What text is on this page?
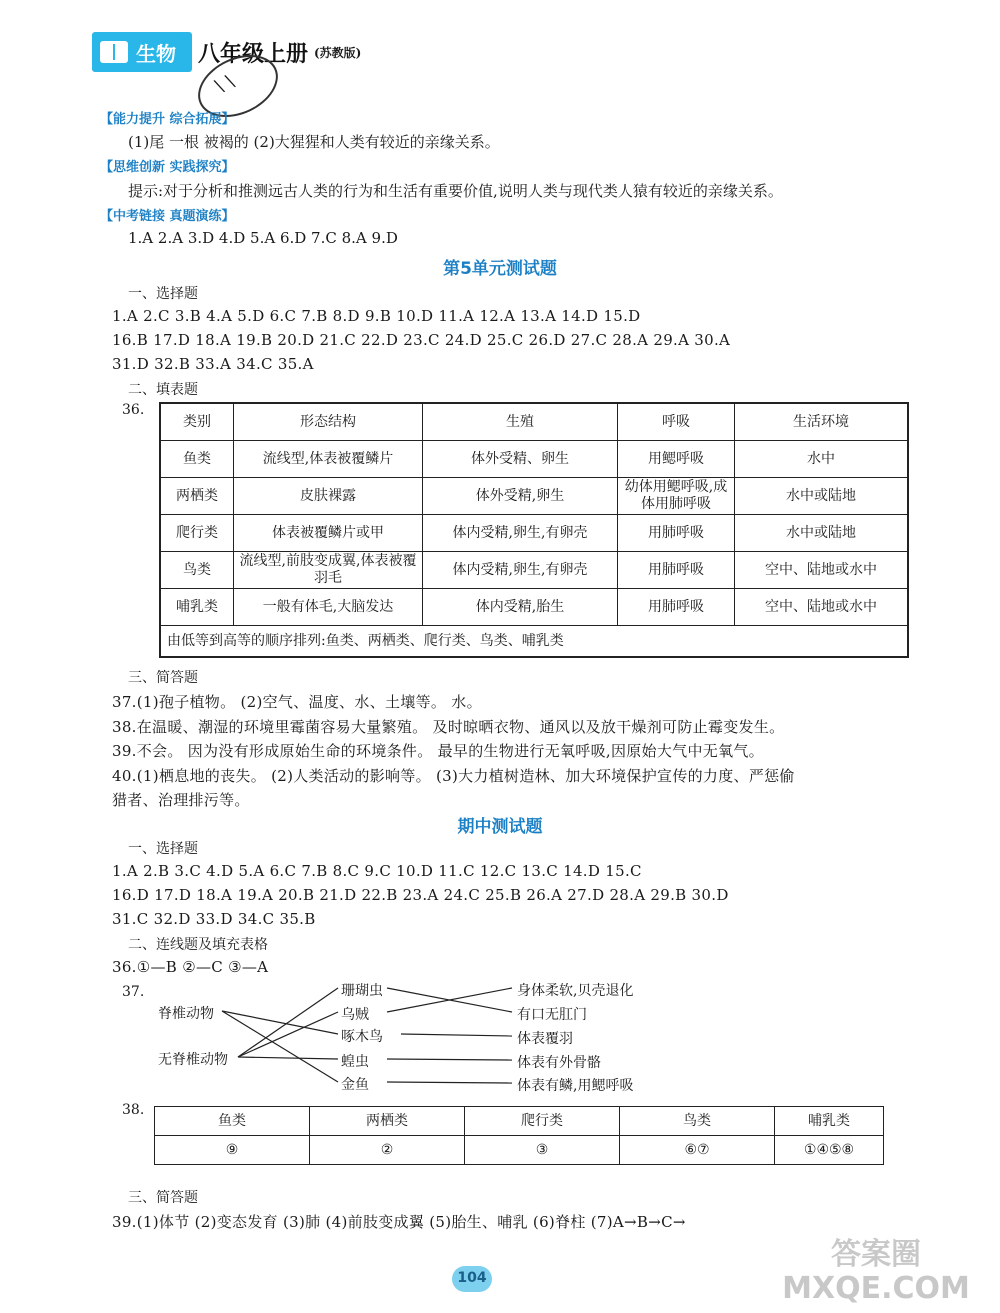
生物 八年级上册 (苏教版)
\ \
【能力提升 综合拓展】
(1)尾 一根 被褐的 (2)大猩猩和人类有较近的亲缘关系。
【思维创新 实践探究】
提示:对于分析和推测远古人类的行为和生活有重要价值,说明人类与现代类人猿有较近的亲缘关系。
【中考链接 真题演练】
1.A 2.A 3.D 4.D 5.A 6.D 7.C 8.A 9.D
第5单元测试题
一、选择题
1.A 2.C 3.B 4.A 5.D 6.C 7.B 8.D 9.B 10.D 11.A 12.A 13.A 14.D 15.D
16.B 17.D 18.A 19.B 20.D 21.C 22.D 23.C 24.D 25.C 26.D 27.C 28.A 29.A 30.A
31.D 32.B 33.A 34.C 35.A
二、填表题
36.
类别	形态结构	生殖	呼吸	生活环境
鱼类	流线型,体表被覆鳞片	体外受精、卵生	用鳃呼吸	水中
两栖类	皮肤裸露	体外受精,卵生	幼体用鳃呼吸,成体用肺呼吸	水中或陆地
爬行类	体表被覆鳞片或甲	体内受精,卵生,有卵壳	用肺呼吸	水中或陆地
鸟类	流线型,前肢变成翼,体表被覆羽毛	体内受精,卵生,有卵壳	用肺呼吸	空中、陆地或水中
哺乳类	一般有体毛,大脑发达	体内受精,胎生	用肺呼吸	空中、陆地或水中
由低等到高等的顺序排列:鱼类、两栖类、爬行类、鸟类、哺乳类				
三、简答题
37.(1)孢子植物。 (2)空气、温度、水、土壤等。 水。
38.在温暖、潮湿的环境里霉菌容易大量繁殖。 及时晾晒衣物、通风以及放干燥剂可防止霉变发生。
39.不会。 因为没有形成原始生命的环境条件。 最早的生物进行无氧呼吸,因原始大气中无氧气。
40.(1)栖息地的丧失。 (2)人类活动的影响等。 (3)大力植树造林、加大环境保护宣传的力度、严惩偷
猎者、治理排污等。
期中测试题
一、选择题
1.A 2.B 3.C 4.D 5.A 6.C 7.B 8.C 9.C 10.D 11.C 12.C 13.C 14.D 15.C
16.D 17.D 18.A 19.A 20.B 21.D 22.B 23.A 24.C 25.B 26.A 27.D 28.A 29.B 30.D
31.C 32.D 33.D 34.C 35.B
二、连线题及填充表格
36.①—B ②—C ③—A
37.
脊椎动物
无脊椎动物
珊瑚虫
乌贼
啄木鸟
蝗虫
金鱼
身体柔软,贝壳退化
有口无肛门
体表覆羽
体表有外骨骼
体表有鳞,用鳃呼吸
38.
鱼类	两栖类	爬行类	鸟类	哺乳类
⑨	②	③	⑥⑦	①④⑤⑧
三、简答题
39.(1)体节 (2)变态发育 (3)肺 (4)前肢变成翼 (5)胎生、哺乳 (6)脊柱 (7)A→B→C→
104
答案圈 MXQE.COM
